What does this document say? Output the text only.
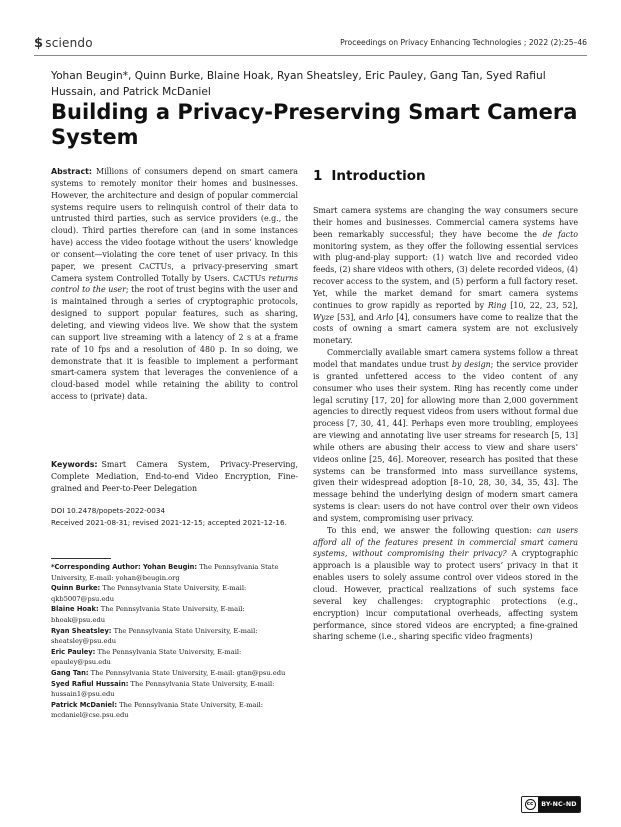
$ sciendo	Proceedings on Privacy Enhancing Technologies ; 2022 (2):25–46
Yohan Beugin*, Quinn Burke, Blaine Hoak, Ryan Sheatsley, Eric Pauley, Gang Tan, Syed Rafiul Hussain, and Patrick McDaniel
Building a Privacy-Preserving Smart Camera System
Abstract:  Millions of consumers depend on smart camera systems to remotely monitor their homes and businesses. However, the architecture and design of popular commercial systems require users to relinquish control of their data to untrusted third parties, such as service providers (e.g., the cloud). Third parties therefore can (and in some instances have) access the video footage without the users’ knowledge or consent—violating the core tenet of user privacy. In this paper, we present CaCTUs, a privacy-preserving smart Camera system Controlled Totally by Users. CaCTUs returns control to the user; the root of trust begins with the user and is maintained through a series of cryptographic protocols, designed to support popular features, such as sharing, deleting, and viewing videos live. We show that the system can support live streaming with a latency of 2 s at a frame rate of 10 fps and a resolution of 480 p. In so doing, we demonstrate that it is feasible to implement a performant smart-camera system that leverages the convenience of a cloud-based model while retaining the ability to control access to (private) data.
Keywords:  Smart Camera System, Privacy-Preserving, Complete Mediation, End-to-end Video Encryption, Fine-grained and Peer-to-Peer Delegation
DOI 10.2478/popets-2022-0034
Received 2021-08-31; revised 2021-12-15; accepted 2021-12-16.

*Corresponding Author: Yohan Beugin: The Pennsylvania State University, E-mail: yohan@beugin.org

Quinn Burke: The Pennsylvania State University, E-mail: qkb5007@psu.edu

Blaine Hoak: The Pennsylvania State University, E-mail: bhoak@psu.edu

Ryan Sheatsley: The Pennsylvania State University, E-mail: sheatsley@psu.edu

Eric Pauley: The Pennsylvania State University, E-mail: epauley@psu.edu

Gang Tan: The Pennsylvania State University, E-mail: gtan@psu.edu

Syed Rafiul Hussain: The Pennsylvania State University, E-mail: hussain1@psu.edu

Patrick McDaniel: The Pennsylvania State University, E-mail: mcdaniel@cse.psu.edu

1 Introduction

Smart camera systems are changing the way consumers secure their homes and businesses. Commercial camera systems have been remarkably successful; they have become the de facto monitoring system, as they offer the following essential services with plug-and-play support: (1) watch live and recorded video feeds, (2) share videos with others, (3) delete recorded videos, (4) recover access to the system, and (5) perform a full factory reset. Yet, while the market demand for smart camera systems continues to grow rapidly as reported by Ring [10, 22, 23, 52], Wyze [53], and Arlo [4], consumers have come to realize that the costs of owning a smart camera system are not exclusively monetary.

Commercially available smart camera systems follow a threat model that mandates undue trust by design; the service provider is granted unfettered access to the video content of any consumer who uses their system. Ring has recently come under legal scrutiny [17, 20] for allowing more than 2,000 government agencies to directly request videos from users without formal due process [7, 30, 41, 44]. Perhaps even more troubling, employees are viewing and annotating live user streams for research [5, 13] while others are abusing their access to view and share users’ videos online [25, 46]. Moreover, research has posited that these systems can be transformed into mass surveillance systems, given their widespread adoption [8–10, 28, 30, 34, 35, 43]. The message behind the underlying design of modern smart camera systems is clear: users do not have control over their own videos and system, compromising user privacy.

To this end, we answer the following question: can users afford all of the features present in commercial smart camera systems, without compromising their privacy? A cryptographic approach is a plausible way to protect users’ privacy in that it enables users to solely assume control over videos stored in the cloud. However, practical realizations of such systems face several key challenges: cryptographic protections (e.g., encryption) incur computational overheads, affecting system performance, since stored videos are encrypted; a fine-grained sharing scheme (i.e., sharing specific video fragments)

cc	BY-NC-ND
